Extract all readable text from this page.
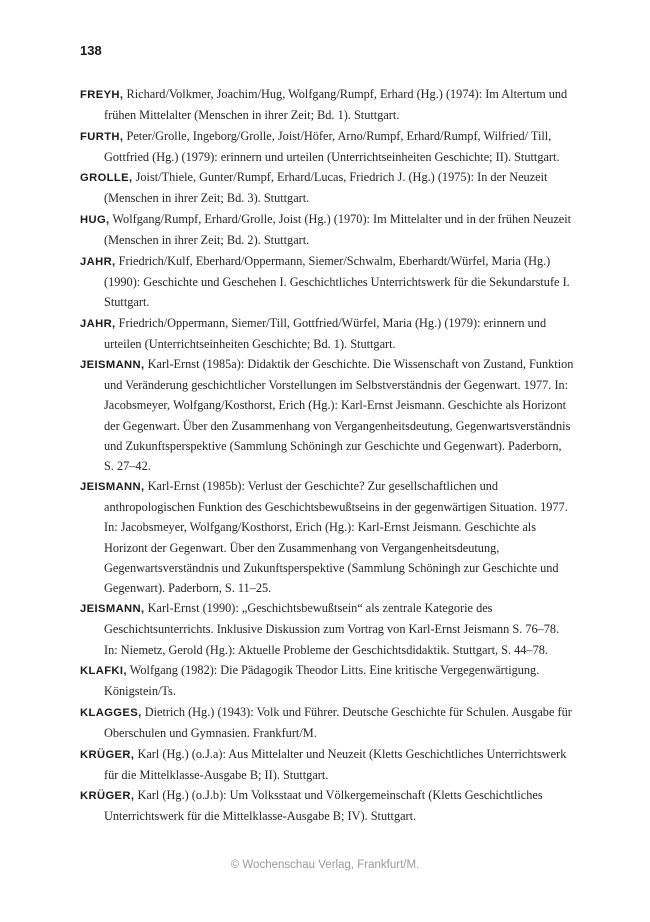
138
FREYH, Richard/Volkmer, Joachim/Hug, Wolfgang/Rumpf, Erhard (Hg.) (1974): Im Altertum und frühen Mittelalter (Menschen in ihrer Zeit; Bd. 1). Stuttgart.
FURTH, Peter/Grolle, Ingeborg/Grolle, Joist/Höfer, Arno/Rumpf, Erhard/Rumpf, Wilfried/ Till, Gottfried (Hg.) (1979): erinnern und urteilen (Unterrichtseinheiten Geschichte; II). Stuttgart.
GROLLE, Joist/Thiele, Gunter/Rumpf, Erhard/Lucas, Friedrich J. (Hg.) (1975): In der Neuzeit (Menschen in ihrer Zeit; Bd. 3). Stuttgart.
HUG, Wolfgang/Rumpf, Erhard/Grolle, Joist (Hg.) (1970): Im Mittelalter und in der frühen Neuzeit (Menschen in ihrer Zeit; Bd. 2). Stuttgart.
JAHR, Friedrich/Kulf, Eberhard/Oppermann, Siemer/Schwalm, Eberhardt/Würfel, Maria (Hg.) (1990): Geschichte und Geschehen I. Geschichtliches Unterrichtswerk für die Sekundarstufe I. Stuttgart.
JAHR, Friedrich/Oppermann, Siemer/Till, Gottfried/Würfel, Maria (Hg.) (1979): erinnern und urteilen (Unterrichtseinheiten Geschichte; Bd. 1). Stuttgart.
JEISMANN, Karl-Ernst (1985a): Didaktik der Geschichte. Die Wissenschaft von Zustand, Funktion und Veränderung geschichtlicher Vorstellungen im Selbstverständnis der Gegenwart. 1977. In: Jacobsmeyer, Wolfgang/Kosthorst, Erich (Hg.): Karl-Ernst Jeismann. Geschichte als Horizont der Gegenwart. Über den Zusammenhang von Vergangenheitsdeutung, Gegenwartsverständnis und Zukunftsperspektive (Sammlung Schöningh zur Geschichte und Gegenwart). Paderborn, S. 27–42.
JEISMANN, Karl-Ernst (1985b): Verlust der Geschichte? Zur gesellschaftlichen und anthropologischen Funktion des Geschichtsbewußtseins in der gegenwärtigen Situation. 1977. In: Jacobsmeyer, Wolfgang/Kosthorst, Erich (Hg.): Karl-Ernst Jeismann. Geschichte als Horizont der Gegenwart. Über den Zusammenhang von Vergangenheitsdeutung, Gegenwartsverständnis und Zukunftsperspektive (Sammlung Schöningh zur Geschichte und Gegenwart). Paderborn, S. 11–25.
JEISMANN, Karl-Ernst (1990): „Geschichtsbewußtsein“ als zentrale Kategorie des Geschichtsunterrichts. Inklusive Diskussion zum Vortrag von Karl-Ernst Jeismann S. 76–78. In: Niemetz, Gerold (Hg.): Aktuelle Probleme der Geschichtsdidaktik. Stuttgart, S. 44–78.
KLAFKI, Wolfgang (1982): Die Pädagogik Theodor Litts. Eine kritische Vergegenwärtigung. Königstein/Ts.
KLAGGES, Dietrich (Hg.) (1943): Volk und Führer. Deutsche Geschichte für Schulen. Ausgabe für Oberschulen und Gymnasien. Frankfurt/M.
KRÜGER, Karl (Hg.) (o.J.a): Aus Mittelalter und Neuzeit (Kletts Geschichtliches Unterrichtswerk für die Mittelklasse-Ausgabe B; II). Stuttgart.
KRÜGER, Karl (Hg.) (o.J.b): Um Volksstaat und Völkergemeinschaft (Kletts Geschichtliches Unterrichtswerk für die Mittelklasse-Ausgabe B; IV). Stuttgart.
© Wochenschau Verlag, Frankfurt/M.
